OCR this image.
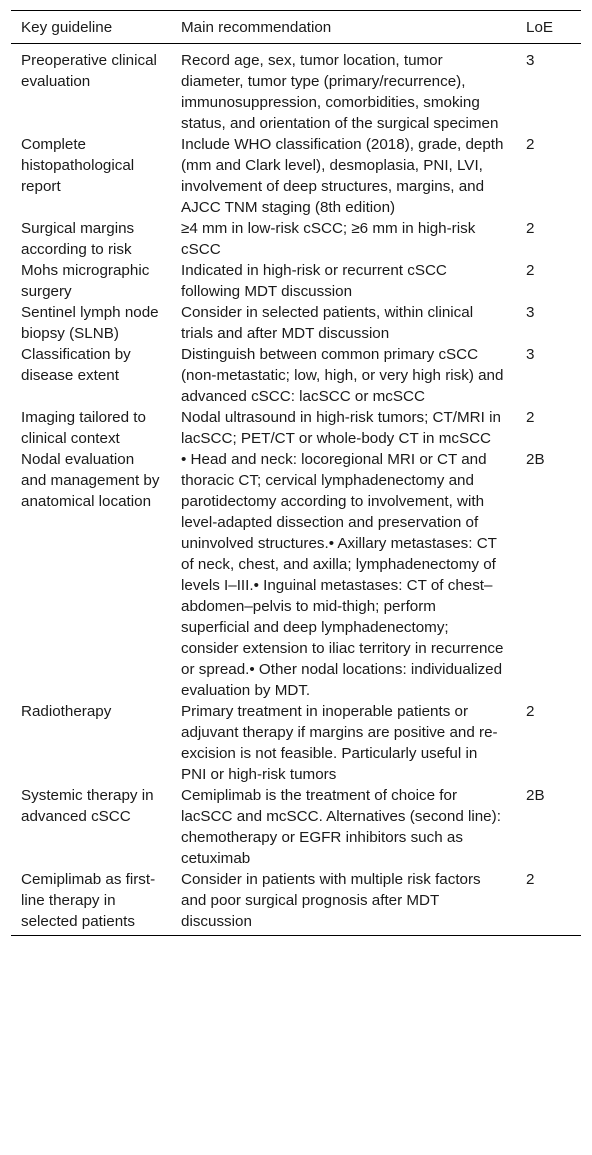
Key guideline	Main recommendation	LoE
Preoperative clinical evaluation	Record age, sex, tumor location, tumor diameter, tumor type (primary/recurrence), immunosuppression, comorbidities, smoking status, and orientation of the surgical specimen	3
Complete histopathological report	Include WHO classification (2018), grade, depth (mm and Clark level), desmoplasia, PNI, LVI, involvement of deep structures, margins, and AJCC TNM staging (8th edition)	2
Surgical margins according to risk	≥4 mm in low-risk cSCC; ≥6 mm in high-risk cSCC	2
Mohs micrographic surgery	Indicated in high-risk or recurrent cSCC following MDT discussion	2
Sentinel lymph node biopsy (SLNB)	Consider in selected patients, within clinical trials and after MDT discussion	3
Classification by disease extent	Distinguish between common primary cSCC (non-metastatic; low, high, or very high risk) and advanced cSCC: lacSCC or mcSCC	3
Imaging tailored to clinical context	Nodal ultrasound in high-risk tumors; CT/MRI in lacSCC; PET/CT or whole-body CT in mcSCC	2
Nodal evaluation and management by anatomical location	• Head and neck: locoregional MRI or CT and thoracic CT; cervical lymphadenectomy and parotidectomy according to involvement, with level-adapted dissection and preservation of uninvolved structures.• Axillary metastases: CT of neck, chest, and axilla; lymphadenectomy of levels I–III.• Inguinal metastases: CT of chest–abdomen–pelvis to mid-thigh; perform superficial and deep lymphadenectomy; consider extension to iliac territory in recurrence or spread.• Other nodal locations: individualized evaluation by MDT.	2B
Radiotherapy	Primary treatment in inoperable patients or adjuvant therapy if margins are positive and re-excision is not feasible. Particularly useful in PNI or high-risk tumors	2
Systemic therapy in advanced cSCC	Cemiplimab is the treatment of choice for lacSCC and mcSCC. Alternatives (second line): chemotherapy or EGFR inhibitors such as cetuximab	2B
Cemiplimab as first-line therapy in selected patients	Consider in patients with multiple risk factors and poor surgical prognosis after MDT discussion	2
